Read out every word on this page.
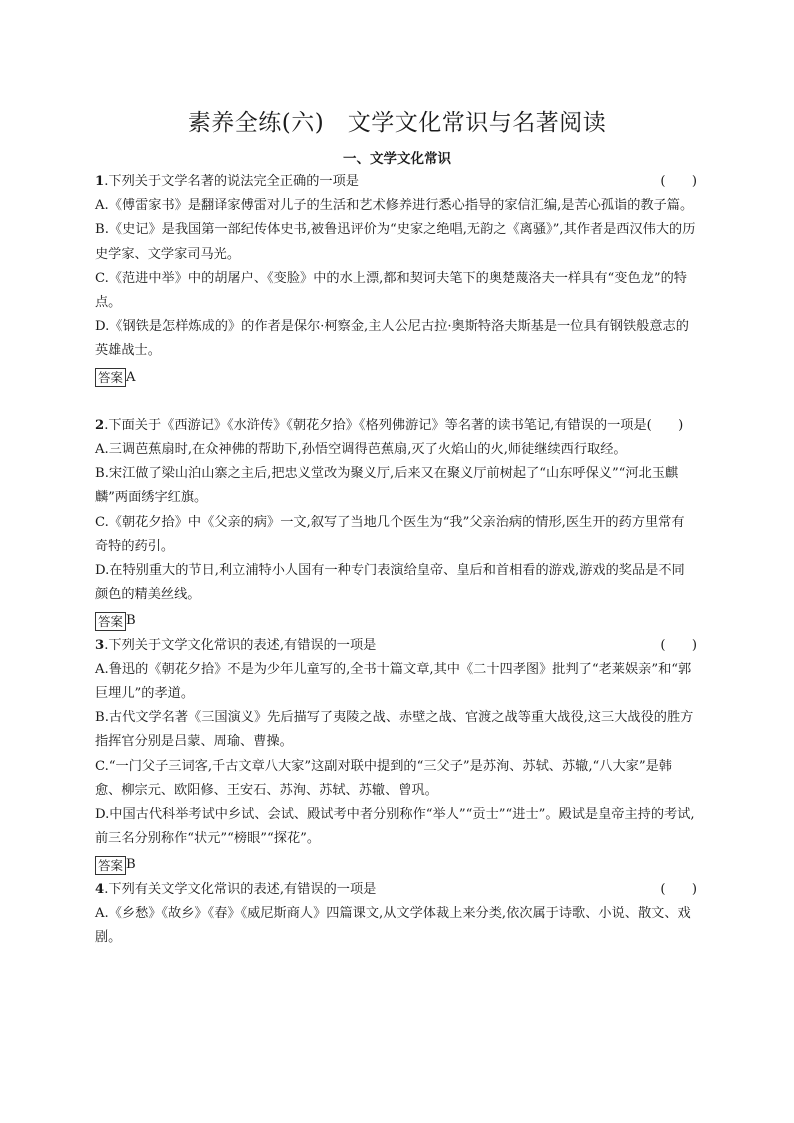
素养全练(六)　文学文化常识与名著阅读
一、文学文化常识

1.下列关于文学名著的说法完全正确的一项是	(　　)

A.《傅雷家书》是翻译家傅雷对儿子的生活和艺术修养进行悉心指导的家信汇编,是苦心孤诣的教子篇。

B.《史记》是我国第一部纪传体史书,被鲁迅评价为“史家之绝唱,无韵之《离骚》”,其作者是西汉伟大的历史学家、文学家司马光。

C.《范进中举》中的胡屠户、《变脸》中的水上漂,都和契诃夫笔下的奥楚蔑洛夫一样具有“变色龙”的特点。

D.《钢铁是怎样炼成的》的作者是保尔·柯察金,主人公尼古拉·奥斯特洛夫斯基是一位具有钢铁般意志的英雄战士。

答案 A

2.下面关于《西游记》《水浒传》《朝花夕拾》《格列佛游记》等名著的读书笔记,有错误的一项是(　　)

A.三调芭蕉扇时,在众神佛的帮助下,孙悟空调得芭蕉扇,灭了火焰山的火,师徒继续西行取经。

B.宋江做了梁山泊山寨之主后,把忠义堂改为聚义厅,后来又在聚义厅前树起了“山东呼保义”“河北玉麒麟”两面绣字红旗。

C.《朝花夕拾》中《父亲的病》一文,叙写了当地几个医生为“我”父亲治病的情形,医生开的药方里常有奇特的药引。

D.在特别重大的节日,利立浦特小人国有一种专门表演给皇帝、皇后和首相看的游戏,游戏的奖品是不同颜色的精美丝线。

答案 B

3.下列关于文学文化常识的表述,有错误的一项是	(　　)

A.鲁迅的《朝花夕拾》不是为少年儿童写的,全书十篇文章,其中《二十四孝图》批判了“老莱娱亲”和“郭巨埋儿”的孝道。

B.古代文学名著《三国演义》先后描写了夷陵之战、赤壁之战、官渡之战等重大战役,这三大战役的胜方指挥官分别是吕蒙、周瑜、曹操。

C.“一门父子三词客,千古文章八大家”这副对联中提到的“三父子”是苏洵、苏轼、苏辙,“八大家”是韩愈、柳宗元、欧阳修、王安石、苏洵、苏轼、苏辙、曾巩。

D.中国古代科举考试中乡试、会试、殿试考中者分别称作“举人”“贡士”“进士”。殿试是皇帝主持的考试,前三名分别称作“状元”“榜眼”“探花”。

答案 B

4.下列有关文学文化常识的表述,有错误的一项是	(　　)

A.《乡愁》《故乡》《春》《威尼斯商人》四篇课文,从文学体裁上来分类,依次属于诗歌、小说、散文、戏剧。
